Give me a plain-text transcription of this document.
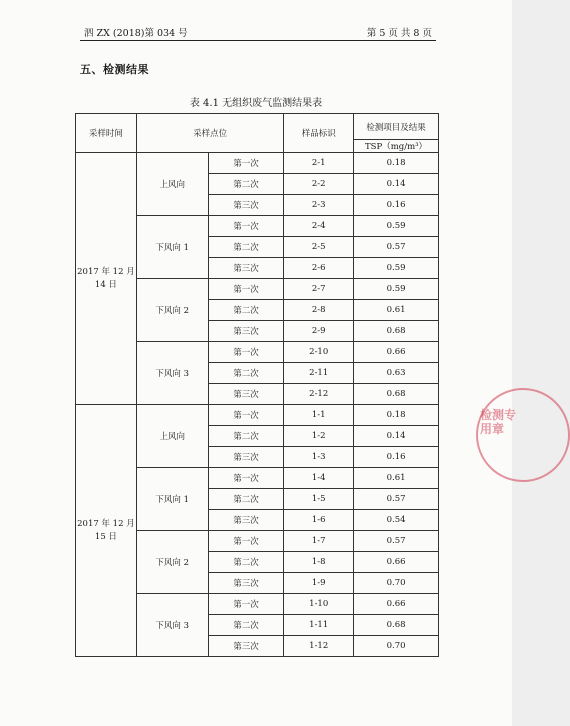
泗 ZX (2018)第 034 号	第 5 页 共 8 页
五、检测结果
表 4.1 无组织废气监测结果表
采样时间	采样点位		样品标识	检测项目及结果
				TSP（mg/m³）
2017 年 12 月
14 日	上风向	第一次	2-1	0.18
		第二次	2-2	0.14
		第三次	2-3	0.16
	下风向 1	第一次	2-4	0.59
		第二次	2-5	0.57
		第三次	2-6	0.59
	下风向 2	第一次	2-7	0.59
		第二次	2-8	0.61
		第三次	2-9	0.68
	下风向 3	第一次	2-10	0.66
		第二次	2-11	0.63
		第三次	2-12	0.68
2017 年 12 月
15 日	上风向	第一次	1-1	0.18
		第二次	1-2	0.14
		第三次	1-3	0.16
	下风向 1	第一次	1-4	0.61
		第二次	1-5	0.57
		第三次	1-6	0.54
	下风向 2	第一次	1-7	0.57
		第二次	1-8	0.66
		第三次	1-9	0.70
	下风向 3	第一次	1-10	0.66
		第二次	1-11	0.68
		第三次	1-12	0.70
检测专用章
